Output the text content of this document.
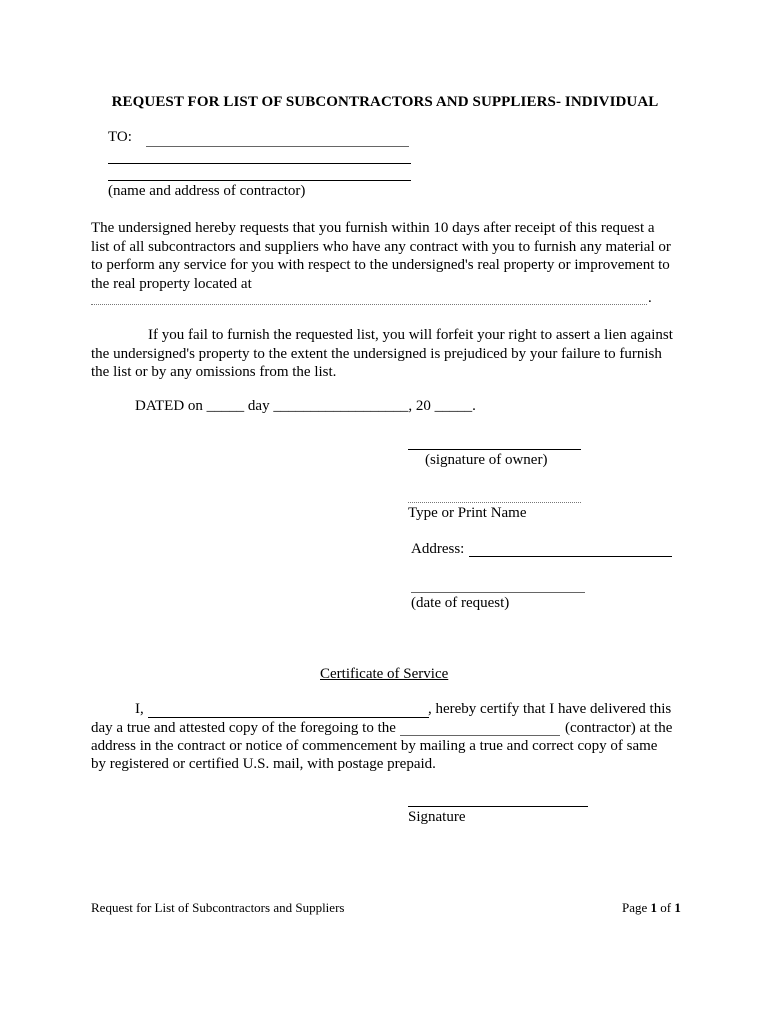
REQUEST FOR LIST OF SUBCONTRACTORS AND SUPPLIERS- INDIVIDUAL
TO:
(name and address of contractor)
The undersigned hereby requests that you furnish within 10 days after receipt of this request a
list of all subcontractors and suppliers who have any contract with you to furnish any material or
to perform any service for you with respect to the undersigned's real property or improvement to
the real property located at
.
If you fail to furnish the requested list, you will forfeit your right to assert a lien against
the undersigned's property to the extent the undersigned is prejudiced by your failure to furnish
the list or by any omissions from the list.
DATED on _____ day __________________, 20 _____.
(signature of owner)
Type or Print Name
Address:
(date of request)
Certificate of Service
I,	, hereby certify that I have delivered this
day a true and attested copy of the foregoing to the	(contractor) at the
address in the contract or notice of commencement by mailing a true and correct copy of same
by registered or certified U.S. mail, with postage prepaid.
Signature
Request for List of Subcontractors and Suppliers	Page 1 of 1
